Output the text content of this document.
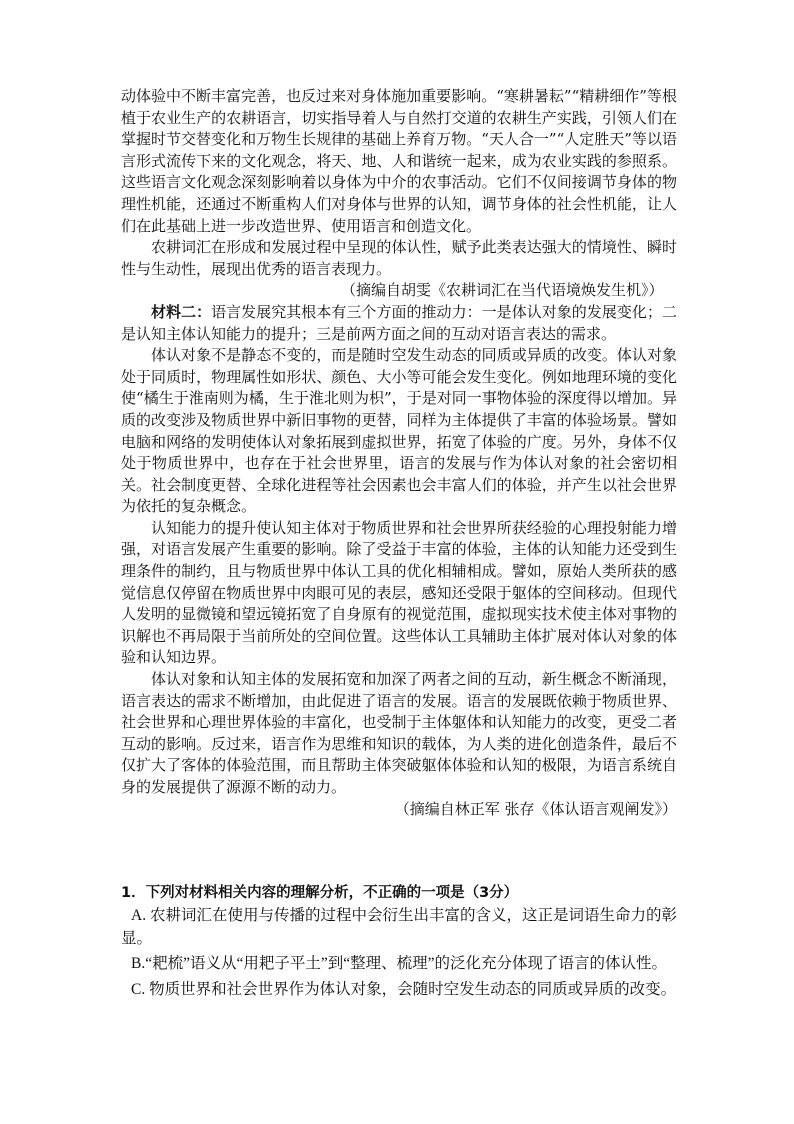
动体验中不断丰富完善，也反过来对身体施加重要影响。“寒耕暑耘”“精耕细作”等根植于农业生产的农耕语言，切实指导着人与自然打交道的农耕生产实践，引领人们在掌握时节交替变化和万物生长规律的基础上养育万物。“天人合一”“人定胜天”等以语言形式流传下来的文化观念，将天、地、人和谐统一起来，成为农业实践的参照系。这些语言文化观念深刻影响着以身体为中介的农事活动。它们不仅间接调节身体的物理性机能，还通过不断重构人们对身体与世界的认知，调节身体的社会性机能，让人们在此基础上进一步改造世界、使用语言和创造文化。

农耕词汇在形成和发展过程中呈现的体认性，赋予此类表达强大的情境性、瞬时性与生动性，展现出优秀的语言表现力。

（摘编自胡雯《农耕词汇在当代语境焕发生机》）

材料二：语言发展究其根本有三个方面的推动力：一是体认对象的发展变化；二是认知主体认知能力的提升；三是前两方面之间的互动对语言表达的需求。

体认对象不是静态不变的，而是随时空发生动态的同质或异质的改变。体认对象处于同质时，物理属性如形状、颜色、大小等可能会发生变化。例如地理环境的变化使“橘生于淮南则为橘，生于淮北则为枳”，于是对同一事物体验的深度得以增加。异质的改变涉及物质世界中新旧事物的更替，同样为主体提供了丰富的体验场景。譬如电脑和网络的发明使体认对象拓展到虚拟世界，拓宽了体验的广度。另外，身体不仅处于物质世界中，也存在于社会世界里，语言的发展与作为体认对象的社会密切相关。社会制度更替、全球化进程等社会因素也会丰富人们的体验，并产生以社会世界为依托的复杂概念。

认知能力的提升使认知主体对于物质世界和社会世界所获经验的心理投射能力增强，对语言发展产生重要的影响。除了受益于丰富的体验，主体的认知能力还受到生理条件的制约，且与物质世界中体认工具的优化相辅相成。譬如，原始人类所获的感觉信息仅停留在物质世界中肉眼可见的表层，感知还受限于躯体的空间移动。但现代人发明的显微镜和望远镜拓宽了自身原有的视觉范围，虚拟现实技术使主体对事物的识解也不再局限于当前所处的空间位置。这些体认工具辅助主体扩展对体认对象的体验和认知边界。

体认对象和认知主体的发展拓宽和加深了两者之间的互动，新生概念不断涌现，语言表达的需求不断增加，由此促进了语言的发展。语言的发展既依赖于物质世界、社会世界和心理世界体验的丰富化，也受制于主体躯体和认知能力的改变，更受二者互动的影响。反过来，语言作为思维和知识的载体，为人类的进化创造条件，最后不仅扩大了客体的体验范围，而且帮助主体突破躯体体验和认知的极限，为语言系统自身的发展提供了源源不断的动力。

（摘编自林正军 张存《体认语言观阐发》）

1．下列对材料相关内容的理解分析，不正确的一项是（3分）

A. 农耕词汇在使用与传播的过程中会衍生出丰富的含义，这正是词语生命力的彰显。

B.“耙梳”语义从“用耙子平土”到“整理、梳理”的泛化充分体现了语言的体认性。

C. 物质世界和社会世界作为体认对象，会随时空发生动态的同质或异质的改变。
